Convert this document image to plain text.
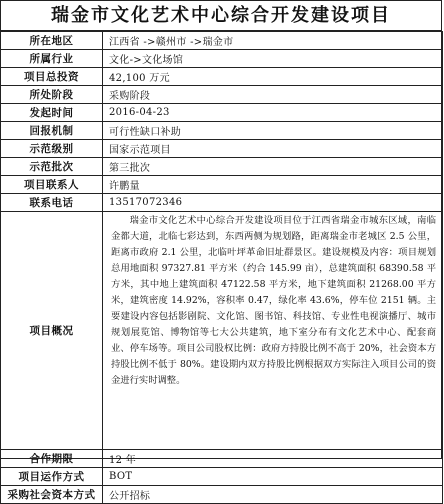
瑞金市文化艺术中心综合开发建设项目
所在地区	江西省 ->赣州市 ->瑞金市
所属行业	文化->文化场馆
项目总投资	42,100 万元
所处阶段	采购阶段
发起时间	2016-04-23
回报机制	可行性缺口补助
示范级别	国家示范项目
示范批次	第三批次
项目联系人	许鹏量
联系电话	13517072346
项目概况	瑞金市文化艺术中心综合开发建设项目位于江西省瑞金市城东区域，南临金都大道，北临七彩达到，东西两侧为规划路，距离瑞金市老城区 2.5 公里，距离市政府 2.1 公里，北临叶坪革命旧址群景区。建设规模及内容：项目规划总用地面积 97327.81 平方米（约合 145.99 亩），总建筑面积 68390.58 平方米，其中地上建筑面积 47122.58 平方米，地下建筑面积 21268.00 平方米，建筑密度 14.92%，容积率 0.47，绿化率 43.6%，停车位 2151 辆。主要建设内容包括影剧院、文化馆、图书馆、科技馆、专业性电视演播厅、城市规划展览馆、博物馆等七大公共建筑，地下室分布有文化艺术中心、配套商业、停车场等。项目公司股权比例：政府方持股比例不高于 20%，社会资本方持股比例不低于 80%。建设期内双方持股比例根据双方实际注入项目公司的资金进行实时调整。
合作期限	12 年
项目运作方式	BOT
采购社会资本方式	公开招标
